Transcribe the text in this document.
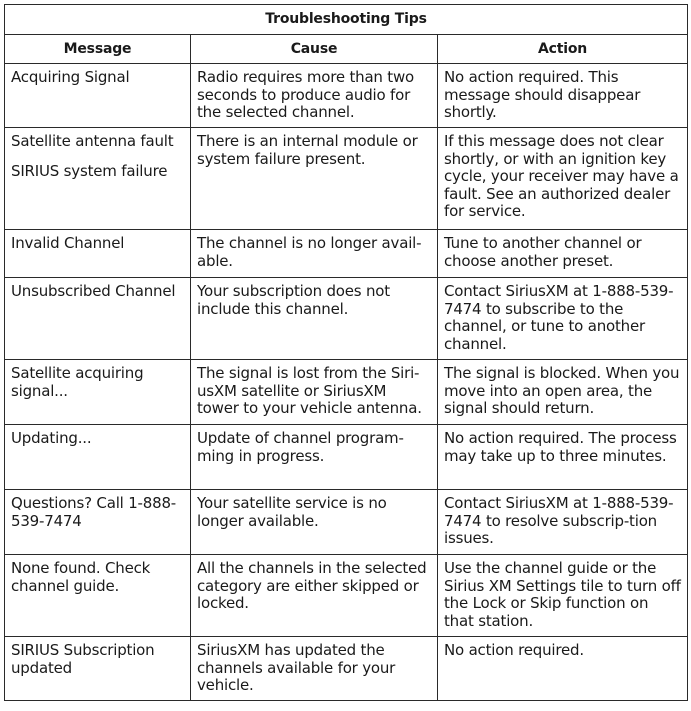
Troubleshooting Tips		
Message	Cause	Action

Acquiring Signal	Radio requires more than two seconds to produce audio for the selected channel.	No action required. This message should disappear shortly.

Satellite antenna fault
SIRIUS system failure	There is an internal module or system failure present.	If this message does not clear shortly, or with an ignition key cycle, your receiver may have a fault. See an authorized dealer for service.

Invalid Channel	The channel is no longer avail-able.	Tune to another channel or choose another preset.

Unsubscribed Channel	Your subscription does not include this channel.	Contact SiriusXM at 1-888-539-7474 to subscribe to the channel, or tune to another channel.

Satellite acquiring signal...	The signal is lost from the Siri-usXM satellite or SiriusXM tower to your vehicle antenna.	The signal is blocked. When you move into an open area, the signal should return.

Updating...	Update of channel program-ming in progress.	No action required. The process may take up to three minutes.

Questions? Call 1-888-539-7474	Your satellite service is no longer available.	Contact SiriusXM at 1-888-539-7474 to resolve subscrip-tion issues.

None found. Check channel guide.	All the channels in the selected category are either skipped or locked.	Use the channel guide or the Sirius XM Settings tile to turn off the Lock or Skip function on that station.

SIRIUS Subscription updated	SiriusXM has updated the channels available for your vehicle.	No action required.
